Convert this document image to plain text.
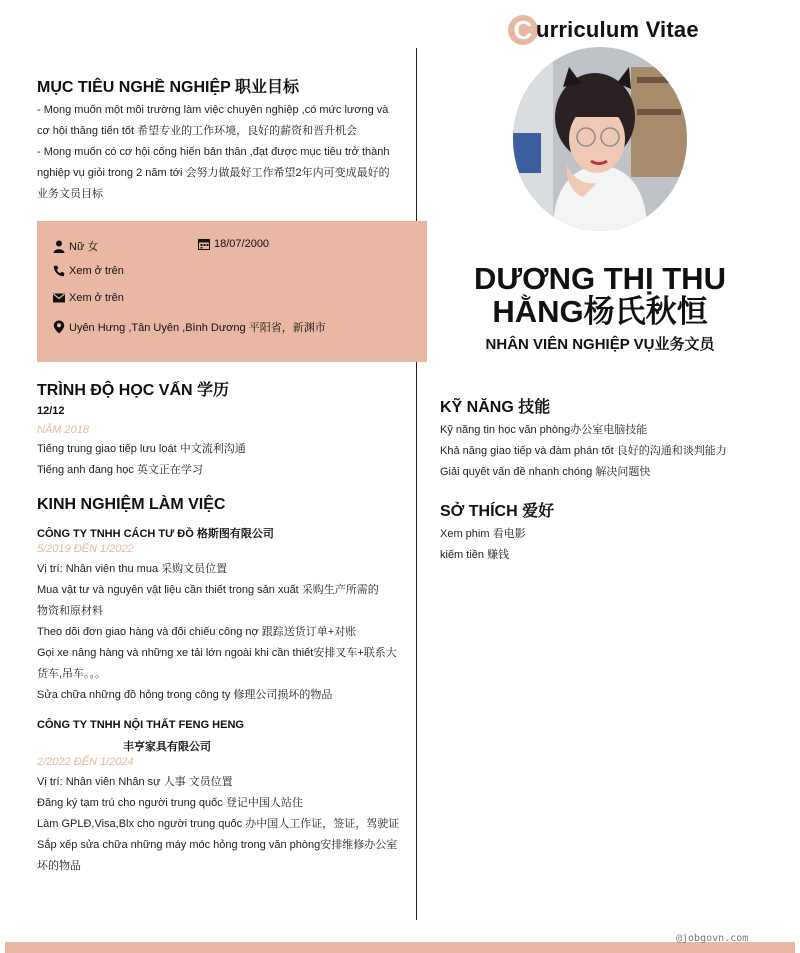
C urriculum Vitae
MỤC TIÊU NGHỀ NGHIỆP 职业目标
- Mong muốn một môi trường làm việc chuyên nghiệp ,có mức lương và
cơ hội thăng tiến tốt 希望专业的工作环境，良好的薪资和晋升机会
- Mong muốn có cơ hội cống hiến bản thân ,đạt được mục tiêu trở thành
nghiệp vụ giỏi trong 2 năm tới 会努力做最好工作希望2年内可变成最好的
业务文员目标
Nữ 女	18/07/2000
Xem ở trên
Xem ở trên
Uyên Hưng ,Tân Uyên ,Bình Dương 平阳省，新渊市
DƯƠNG THỊ THU
HẰNG杨氏秋恒
NHÂN VIÊN NGHIỆP VỤ业务文员
TRÌNH ĐỘ HỌC VẤN 学历
12/12
NĂM 2018
Tiếng trung giao tiếp lưu loát 中文流利沟通
Tiếng anh đang học 英文正在学习
KINH NGHIỆM LÀM VIỆC
CÔNG TY TNHH CÁCH TƯ ĐỒ 格斯图有限公司
5/2019 ĐẾN 1/2022
Vị trí: Nhân viên thu mua 采购文员位置
Mua vật tư và nguyên vật liệu cần thiết trong sản xuất 采购生产所需的
物资和原材料
Theo dõi đơn giao hàng và đối chiếu công nợ 跟踪送货订单+对账
Gọi xe nâng hàng và những xe tải lớn ngoài khi cần thiết安排叉车+联系大
货车,吊车。。。
Sửa chữa những đồ hỏng trong công ty 修理公司损坏的物品
CÔNG TY TNHH NỘI THẤT FENG HENG
丰亨家具有限公司
2/2022 ĐẾN 1/2024
Vị trí: Nhân viên Nhân sự 人事 文员位置
Đăng ký tạm trú cho người trung quốc 登记中国人站住
Làm GPLĐ,Visa,Blx cho người trung quốc 办中国人工作证，签证，驾驶证
Sắp xếp sửa chữa những máy móc hỏng trong văn phòng安排维修办公室
坏的物品
KỸ NĂNG 技能
Kỹ năng tin học văn phòng办公室电脑技能
Khả năng giao tiếp và đàm phán tốt 良好的沟通和谈判能力
Giải quyết vấn đề nhanh chóng 解决问题快
SỞ THÍCH 爱好
Xem phim 看电影
kiếm tiền 赚钱
@jobgovn.com
